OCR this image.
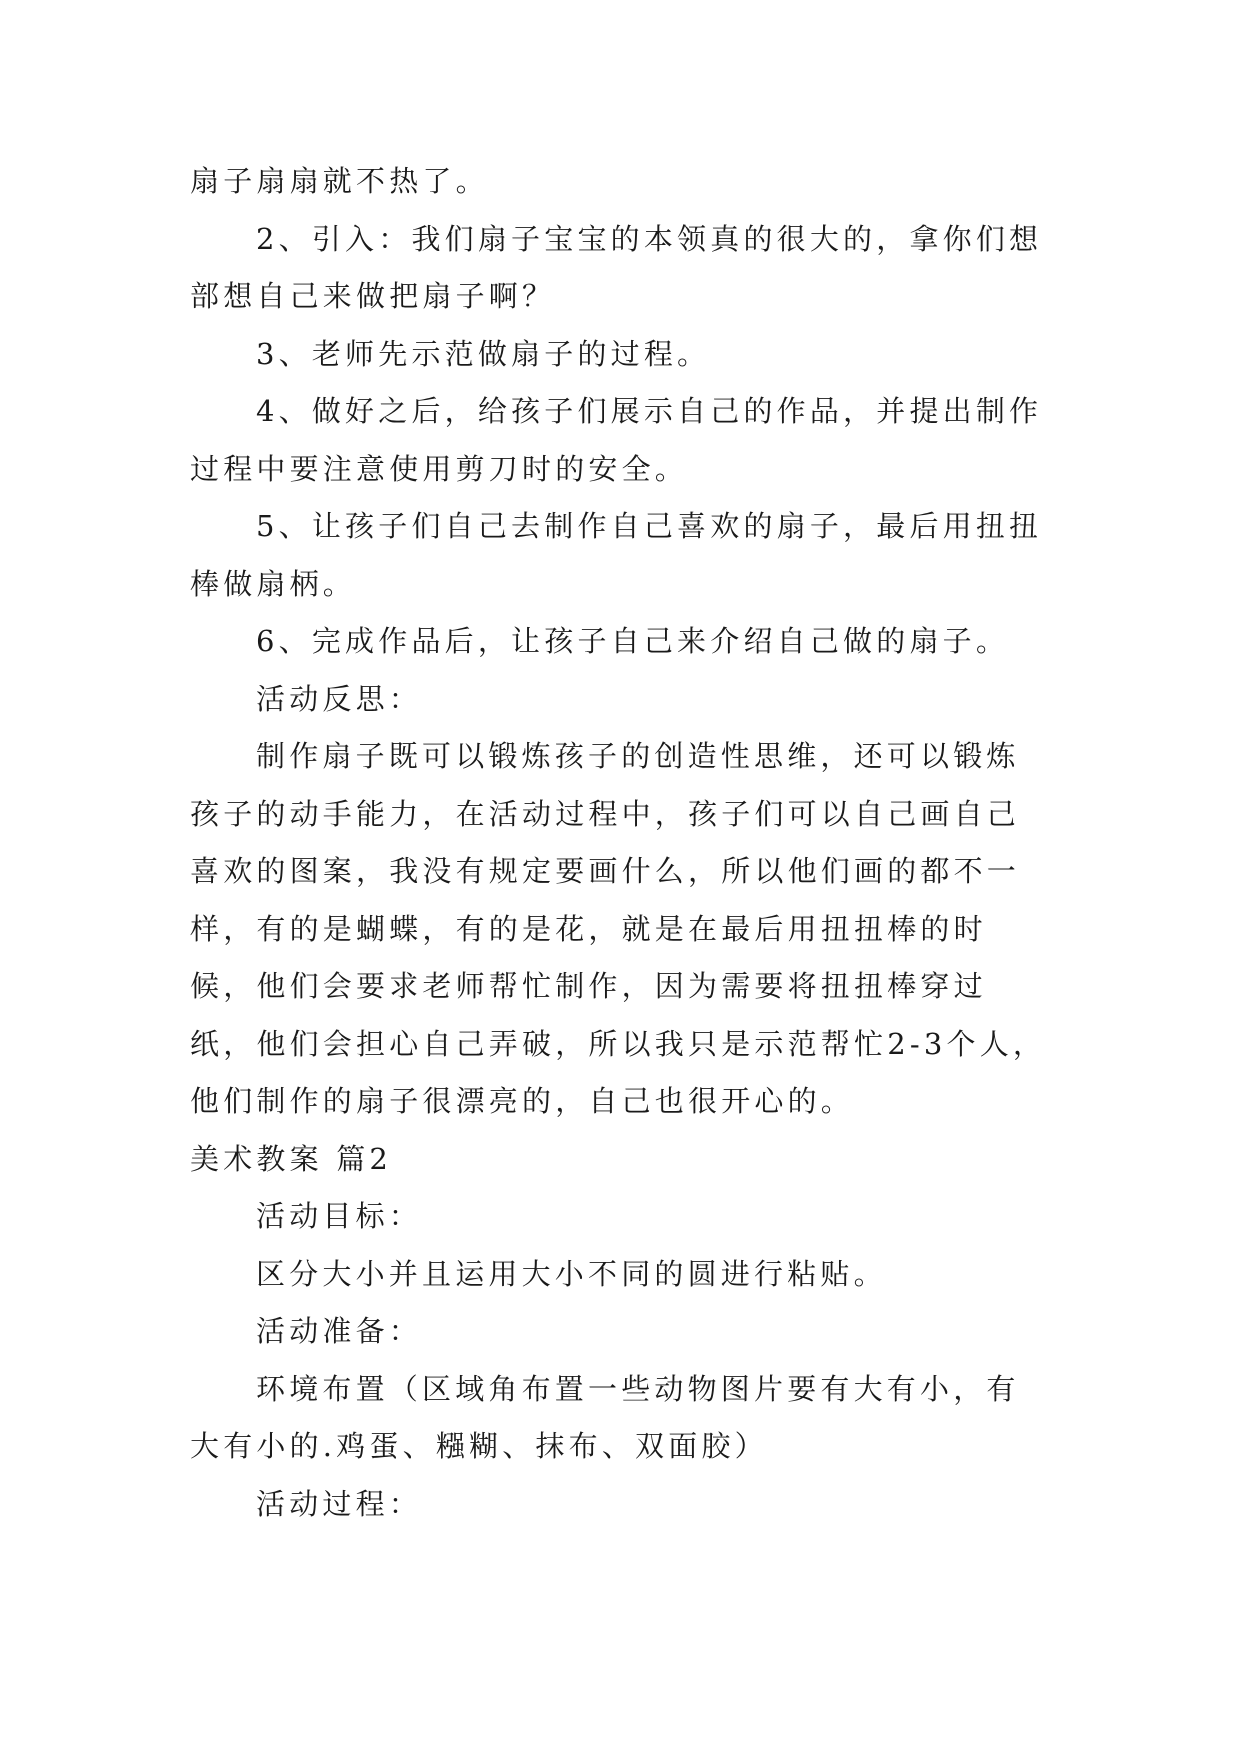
扇子扇扇就不热了。

2、引入：我们扇子宝宝的本领真的很大的，拿你们想部想自己来做把扇子啊？

3、老师先示范做扇子的过程。

4、做好之后，给孩子们展示自己的作品，并提出制作过程中要注意使用剪刀时的安全。

5、让孩子们自己去制作自己喜欢的扇子，最后用扭扭棒做扇柄。

6、完成作品后，让孩子自己来介绍自己做的扇子。

活动反思：

制作扇子既可以锻炼孩子的创造性思维，还可以锻炼孩子的动手能力，在活动过程中，孩子们可以自己画自己喜欢的图案，我没有规定要画什么，所以他们画的都不一样，有的是蝴蝶，有的是花，就是在最后用扭扭棒的时候，他们会要求老师帮忙制作，因为需要将扭扭棒穿过纸，他们会担心自己弄破，所以我只是示范帮忙2-3个人，他们制作的扇子很漂亮的，自己也很开心的。

美术教案 篇2

活动目标：

区分大小并且运用大小不同的圆进行粘贴。

活动准备：

环境布置（区域角布置一些动物图片要有大有小，有大有小的.鸡蛋、糨糊、抹布、双面胶）

活动过程：
